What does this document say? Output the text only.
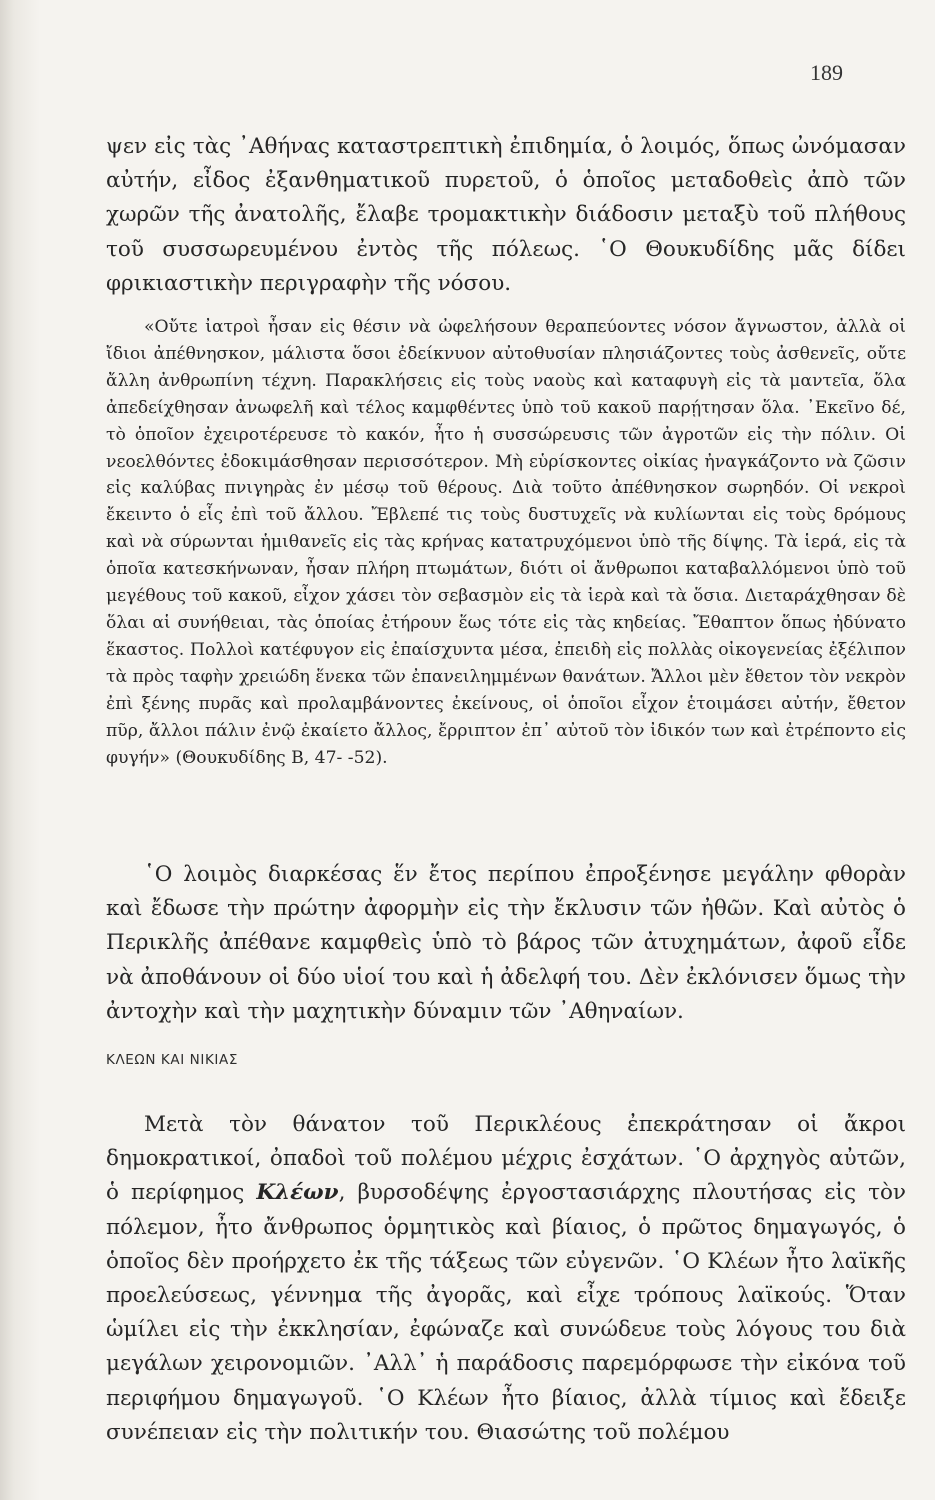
189

ψεν εἰς τὰς ᾿Αθήνας καταστρεπτικὴ ἐπιδημία, ὁ λοιμός, ὅπως ὠνόμασαν αὐτήν, εἶδος ἐξανθηματικοῦ πυρετοῦ, ὁ ὁποῖος μεταδοθεὶς ἀπὸ τῶν χωρῶν τῆς ἀνατολῆς, ἔλαβε τρομακτικὴν διάδοσιν μεταξὺ τοῦ πλήθους τοῦ συσσωρευμένου ἐντὸς τῆς πόλεως. ῾Ο Θουκυδίδης μᾶς δίδει φρικιαστικὴν περιγραφὴν τῆς νόσου.

«Οὔτε ἰατροὶ ἦσαν εἰς θέσιν νὰ ὠφελήσουν θεραπεύοντες νόσον ἄγνωστον, ἀλλὰ οἱ ἴδιοι ἀπέθνησκον, μάλιστα ὅσοι ἐδείκνυον αὐτοθυσίαν πλησιάζοντες τοὺς ἀσθενεῖς, οὔτε ἄλλη ἀνθρωπίνη τέχνη. Παρακλήσεις εἰς τοὺς ναοὺς καὶ καταφυγὴ εἰς τὰ μαντεῖα, ὅλα ἀπεδείχθησαν ἀνωφελῆ καὶ τέλος καμφθέντες ὑπὸ τοῦ κακοῦ παρῄτησαν ὅλα. ᾿Εκεῖνο δέ, τὸ ὁποῖον ἐχειροτέρευσε τὸ κακόν, ἦτο ἡ συσσώρευσις τῶν ἀγροτῶν εἰς τὴν πόλιν. Οἱ νεοελθόντες ἐδοκιμάσθησαν περισσότερον. Μὴ εὑρίσκοντες οἰκίας ἠναγκάζοντο νὰ ζῶσιν εἰς καλύβας πνιγηρὰς ἐν μέσῳ τοῦ θέρους. Διὰ τοῦτο ἀπέθνησκον σωρηδόν. Οἱ νεκροὶ ἔκειντο ὁ εἷς ἐπὶ τοῦ ἄλλου. Ἔβλεπέ τις τοὺς δυστυχεῖς νὰ κυλίωνται εἰς τοὺς δρόμους καὶ νὰ σύρωνται ἡμιθανεῖς εἰς τὰς κρήνας κατατρυχόμενοι ὑπὸ τῆς δίψης. Τὰ ἱερά, εἰς τὰ ὁποῖα κατεσκήνωναν, ἦσαν πλήρη πτωμάτων, διότι οἱ ἄνθρωποι καταβαλλόμενοι ὑπὸ τοῦ μεγέθους τοῦ κακοῦ, εἶχον χάσει τὸν σεβασμὸν εἰς τὰ ἱερὰ καὶ τὰ ὅσια. Διεταράχθησαν δὲ ὅλαι αἱ συνήθειαι, τὰς ὁποίας ἐτήρουν ἕως τότε εἰς τὰς κηδείας. Ἔθαπτον ὅπως ἠδύνατο ἕκαστος. Πολλοὶ κατέφυγον εἰς ἐπαίσχυντα μέσα, ἐπειδὴ εἰς πολλὰς οἰκογενείας ἐξέλιπον τὰ πρὸς ταφὴν χρειώδη ἕνεκα τῶν ἐπανειλημμένων θανάτων. Ἄλλοι μὲν ἔθετον τὸν νεκρὸν ἐπὶ ξένης πυρᾶς καὶ προλαμβάνοντες ἐκείνους, οἱ ὁποῖοι εἶχον ἑτοιμάσει αὐτήν, ἔθετον πῦρ, ἄλλοι πάλιν ἐνῷ ἐκαίετο ἄλλος, ἔρριπτον ἐπ᾿ αὐτοῦ τὸν ἰδικόν των καὶ ἐτρέποντο εἰς φυγήν» (Θουκυδίδης Β, 47- -52).

῾Ο λοιμὸς διαρκέσας ἕν ἔτος περίπου ἐπροξένησε μεγάλην φθορὰν καὶ ἔδωσε τὴν πρώτην ἀφορμὴν εἰς τὴν ἔκλυσιν τῶν ἠθῶν. Καὶ αὐτὸς ὁ Περικλῆς ἀπέθανε καμφθεὶς ὑπὸ τὸ βάρος τῶν ἀτυχημάτων, ἀφοῦ εἶδε νὰ ἀποθάνουν οἱ δύο υἱοί του καὶ ἡ ἀδελφή του. Δὲν ἐκλόνισεν ὅμως τὴν ἀντοχὴν καὶ τὴν μαχητικὴν δύναμιν τῶν ᾿Αθηναίων.

ΚΛΕΩΝ ΚΑΙ ΝΙΚΙΑΣ

Μετὰ τὸν θάνατον τοῦ Περικλέους ἐπεκράτησαν οἱ ἄκροι δημοκρατικοί, ὀπαδοὶ τοῦ πολέμου μέχρις ἐσχάτων. ῾Ο ἀρχηγὸς αὐτῶν, ὁ περίφημος Κλέων, βυρσοδέψης ἐργοστασιάρχης πλουτήσας εἰς τὸν πόλεμον, ἦτο ἄνθρωπος ὁρμητικὸς καὶ βίαιος, ὁ πρῶτος δημαγωγός, ὁ ὁποῖος δὲν προήρχετο ἐκ τῆς τάξεως τῶν εὐγενῶν. ῾Ο Κλέων ἦτο λαϊκῆς προελεύσεως, γέννημα τῆς ἀγορᾶς, καὶ εἶχε τρόπους λαϊκούς. Ὅταν ὡμίλει εἰς τὴν ἐκκλησίαν, ἐφώναζε καὶ συνώδευε τοὺς λόγους του διὰ μεγάλων χειρονομιῶν. ᾿Αλλ᾿ ἡ παράδοσις παρεμόρφωσε τὴν εἰκόνα τοῦ περιφήμου δημαγωγοῦ. ῾Ο Κλέων ἦτο βίαιος, ἀλλὰ τίμιος καὶ ἔδειξε συνέπειαν εἰς τὴν πολιτικήν του. Θιασώτης τοῦ πολέμου
